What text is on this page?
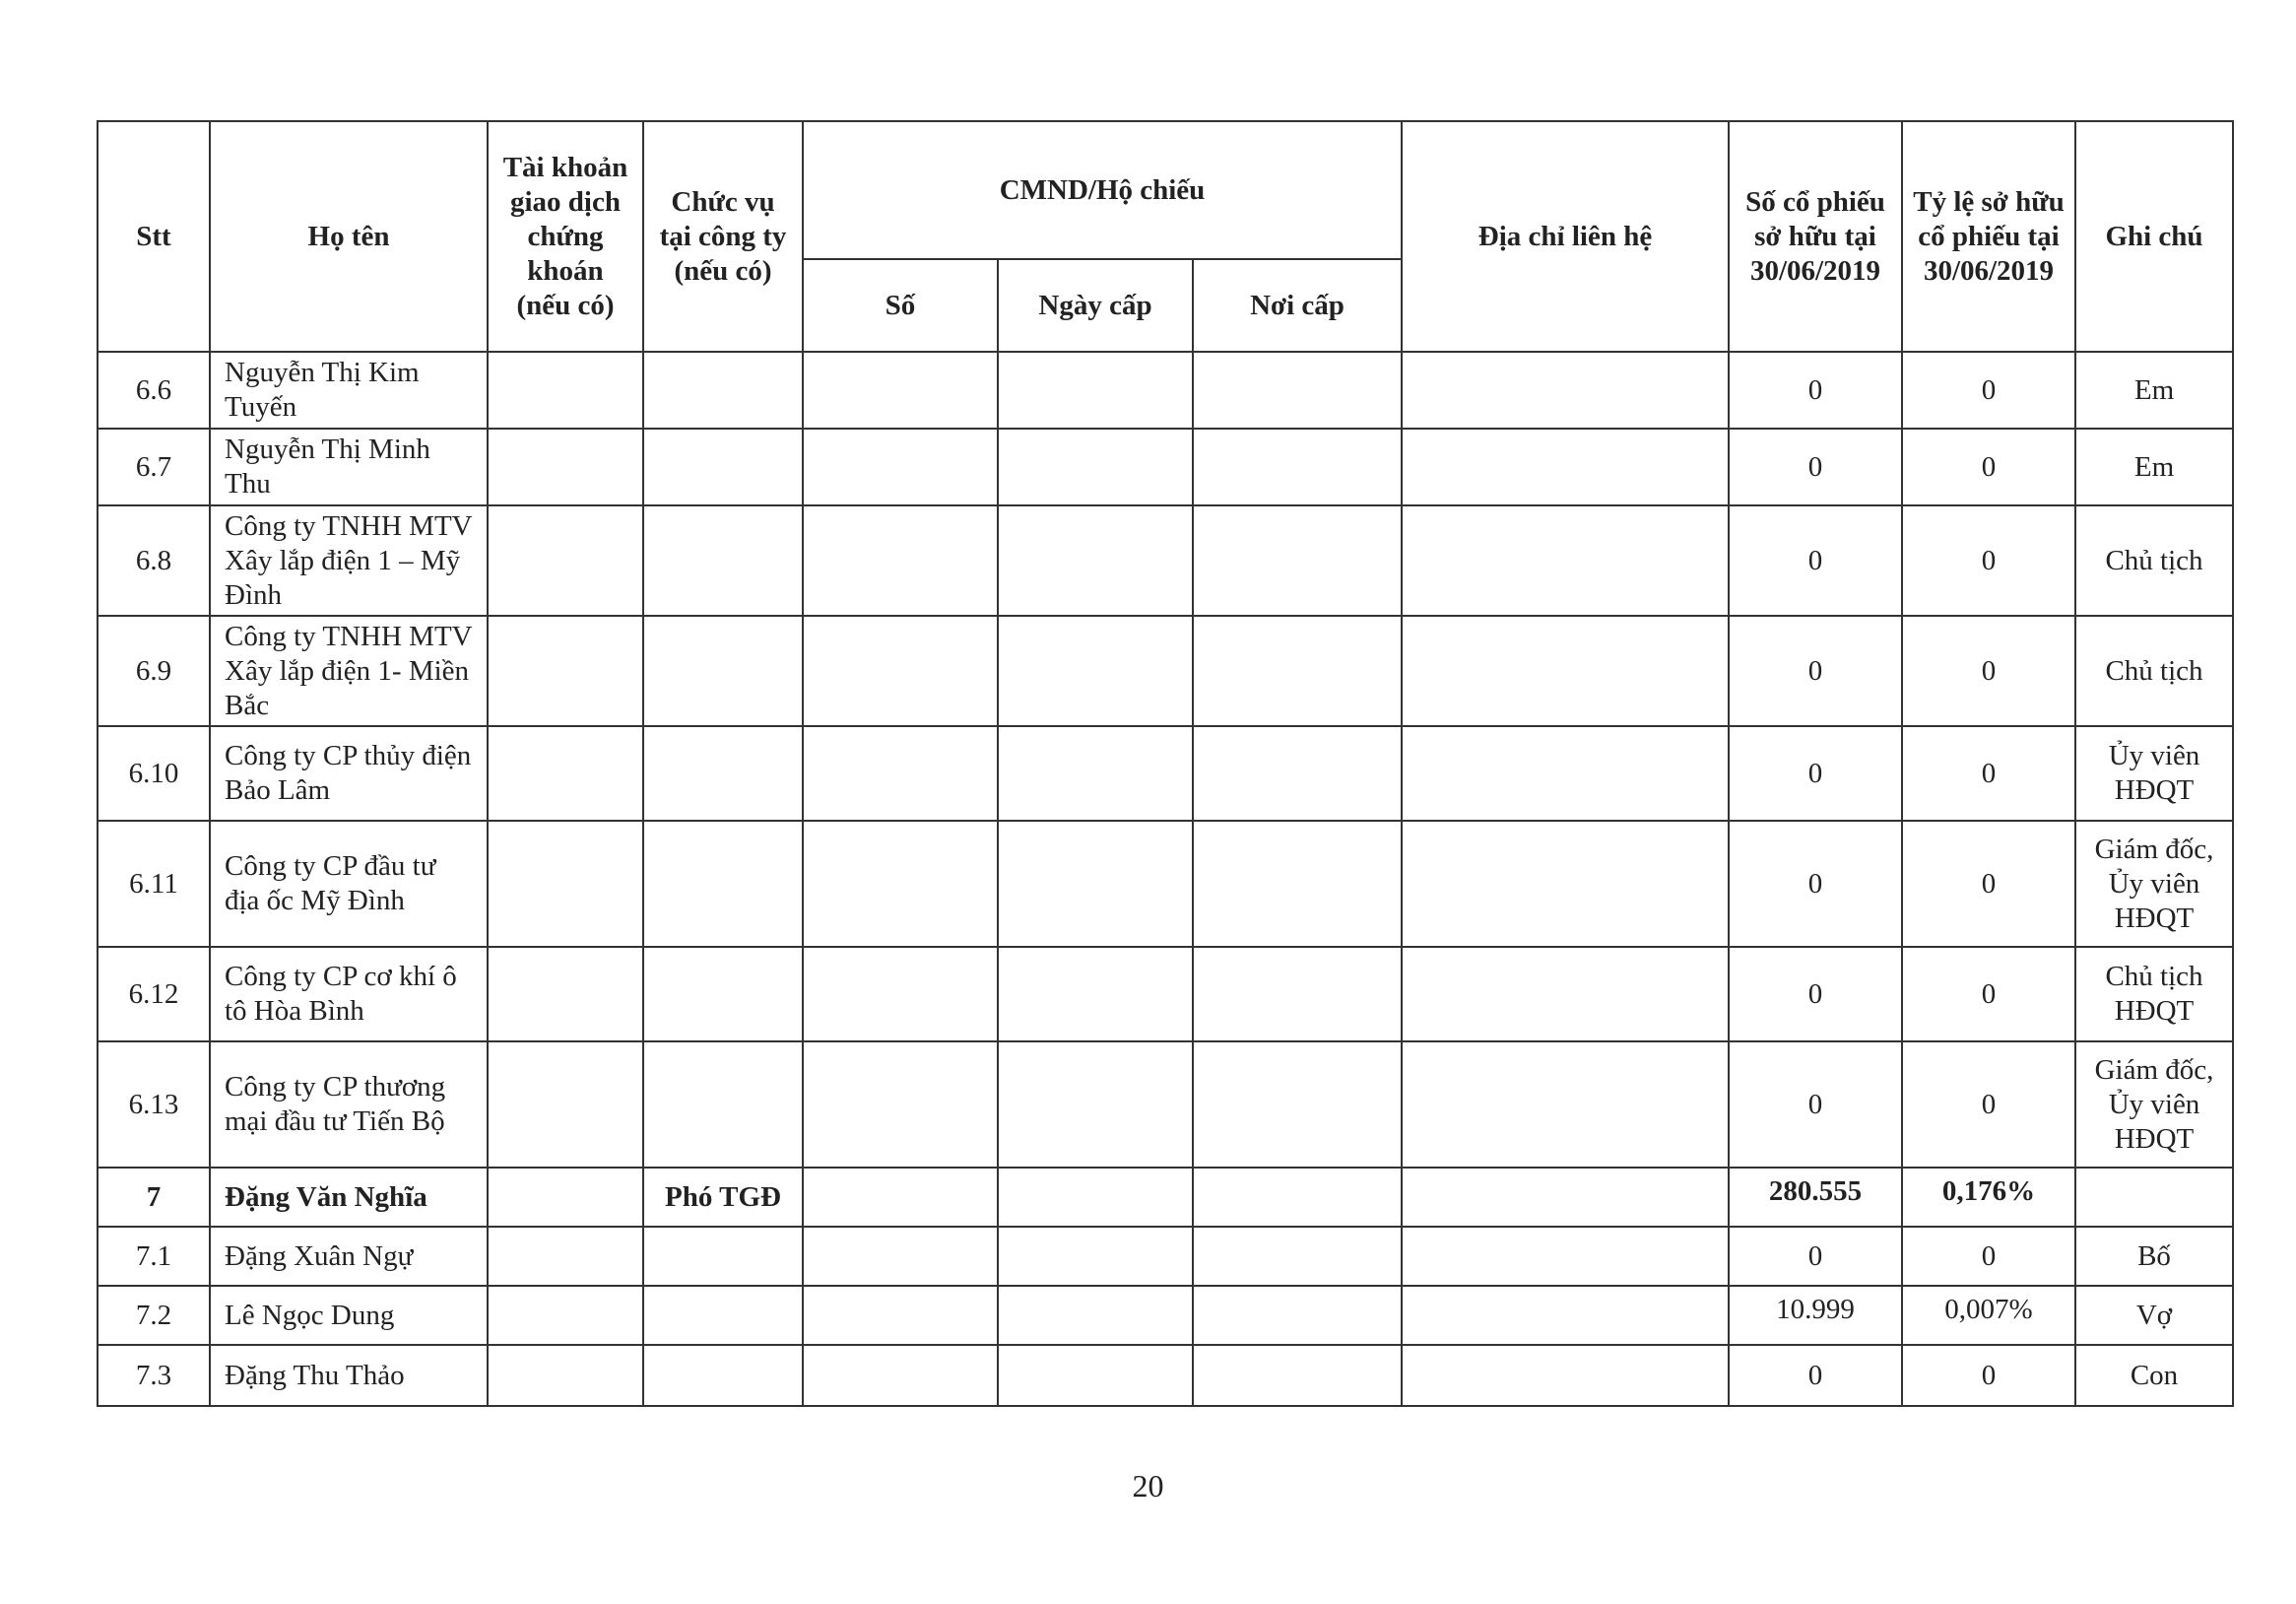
Stt	Họ tên	Tài khoản giao dịch chứng khoán (nếu có)	Chức vụ tại công ty (nếu có)	CMND/Hộ chiếu			Địa chỉ liên hệ	Số cổ phiếu sở hữu tại 30/06/2019	Tỷ lệ sở hữu cổ phiếu tại 30/06/2019	Ghi chú
				Số	Ngày cấp	Nơi cấp				
6.6	Nguyễn Thị Kim Tuyến							0	0	Em
6.7	Nguyễn Thị Minh Thu							0	0	Em
6.8	Công ty TNHH MTV Xây lắp điện 1 – Mỹ Đình							0	0	Chủ tịch
6.9	Công ty TNHH MTV Xây lắp điện 1- Miền Bắc							0	0	Chủ tịch
6.10	Công ty CP thủy điện Bảo Lâm							0	0	Ủy viên HĐQT
6.11	Công ty CP đầu tư địa ốc Mỹ Đình							0	0	Giám đốc, Ủy viên HĐQT
6.12	Công ty CP cơ khí ô tô Hòa Bình							0	0	Chủ tịch HĐQT
6.13	Công ty CP thương mại đầu tư Tiến Bộ							0	0	Giám đốc, Ủy viên HĐQT
7	Đặng Văn Nghĩa		Phó TGĐ					280.555	0,176%	
7.1	Đặng Xuân Ngự							0	0	Bố
7.2	Lê Ngọc Dung							10.999	0,007%	Vợ
7.3	Đặng Thu Thảo							0	0	Con
20
